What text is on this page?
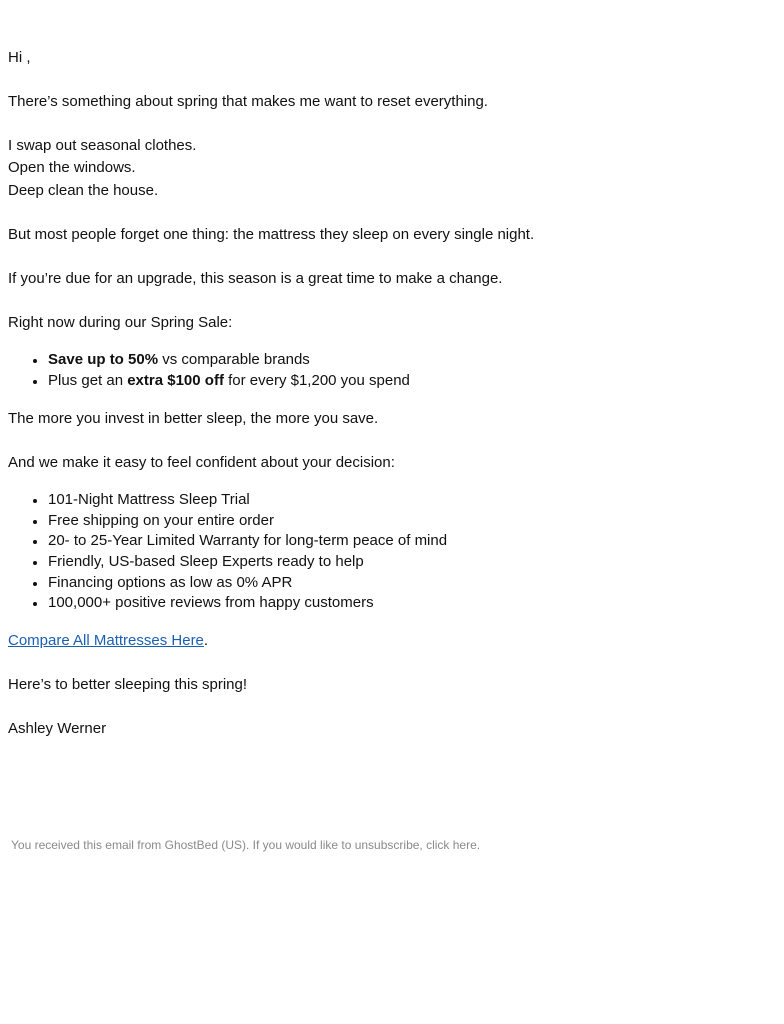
Hi ,
There’s something about spring that makes me want to reset everything.
I swap out seasonal clothes.
Open the windows.
Deep clean the house.
But most people forget one thing: the mattress they sleep on every single night.
If you’re due for an upgrade, this season is a great time to make a change.
Right now during our Spring Sale:
Save up to 50% vs comparable brands
Plus get an extra $100 off for every $1,200 you spend
The more you invest in better sleep, the more you save.
And we make it easy to feel confident about your decision:
101-Night Mattress Sleep Trial
Free shipping on your entire order
20- to 25-Year Limited Warranty for long-term peace of mind
Friendly, US-based Sleep Experts ready to help
Financing options as low as 0% APR
100,000+ positive reviews from happy customers
Compare All Mattresses Here.
Here’s to better sleeping this spring!
Ashley Werner
You received this email from GhostBed (US). If you would like to unsubscribe, click here.
